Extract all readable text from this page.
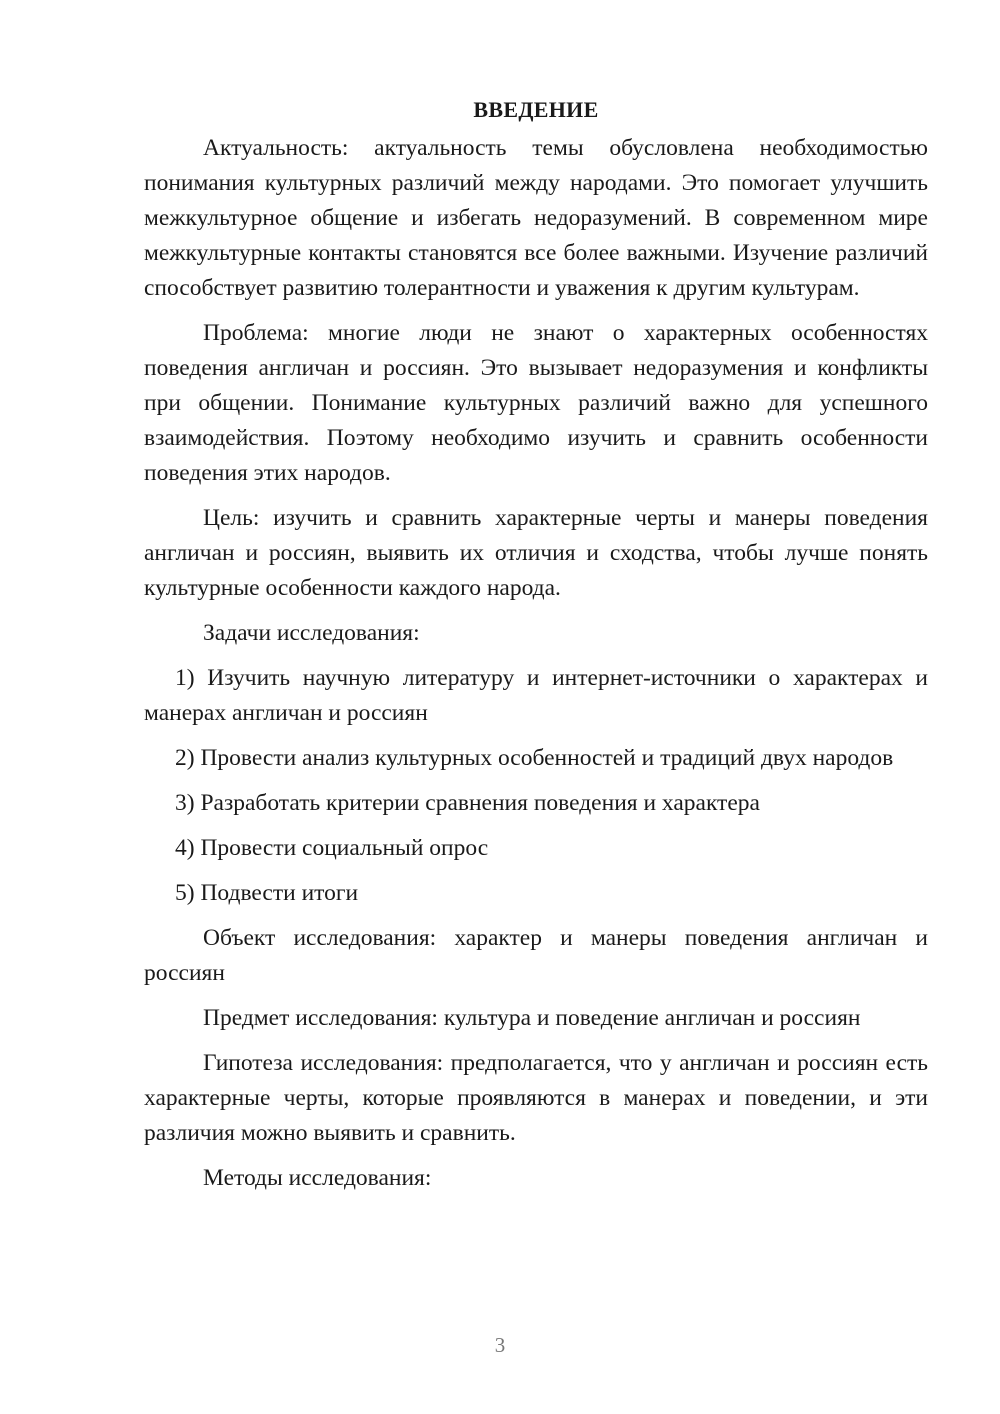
ВВЕДЕНИЕ

Актуальность: актуальность темы обусловлена необходимостью понимания культурных различий между народами. Это помогает улучшить межкультурное общение и избегать недоразумений. В современном мире межкультурные контакты становятся все более важными. Изучение различий способствует развитию толерантности и уважения к другим культурам.

Проблема: многие люди не знают о характерных особенностях поведения англичан и россиян. Это вызывает недоразумения и конфликты при общении. Понимание культурных различий важно для успешного взаимодействия. Поэтому необходимо изучить и сравнить особенности поведения этих народов.

Цель: изучить и сравнить характерные черты и манеры поведения англичан и россиян, выявить их отличия и сходства, чтобы лучше понять культурные особенности каждого народа.

Задачи исследования:

1) Изучить научную литературу и интернет-источники о характерах и манерах англичан и россиян

2) Провести анализ культурных особенностей и традиций двух народов

3) Разработать критерии сравнения поведения и характера

4) Провести социальный опрос

5) Подвести итоги

Объект исследования: характер и манеры поведения англичан и россиян

Предмет исследования: культура и поведение англичан и россиян

Гипотеза исследования: предполагается, что у англичан и россиян есть характерные черты, которые проявляются в манерах и поведении, и эти различия можно выявить и сравнить.

Методы исследования:

3
